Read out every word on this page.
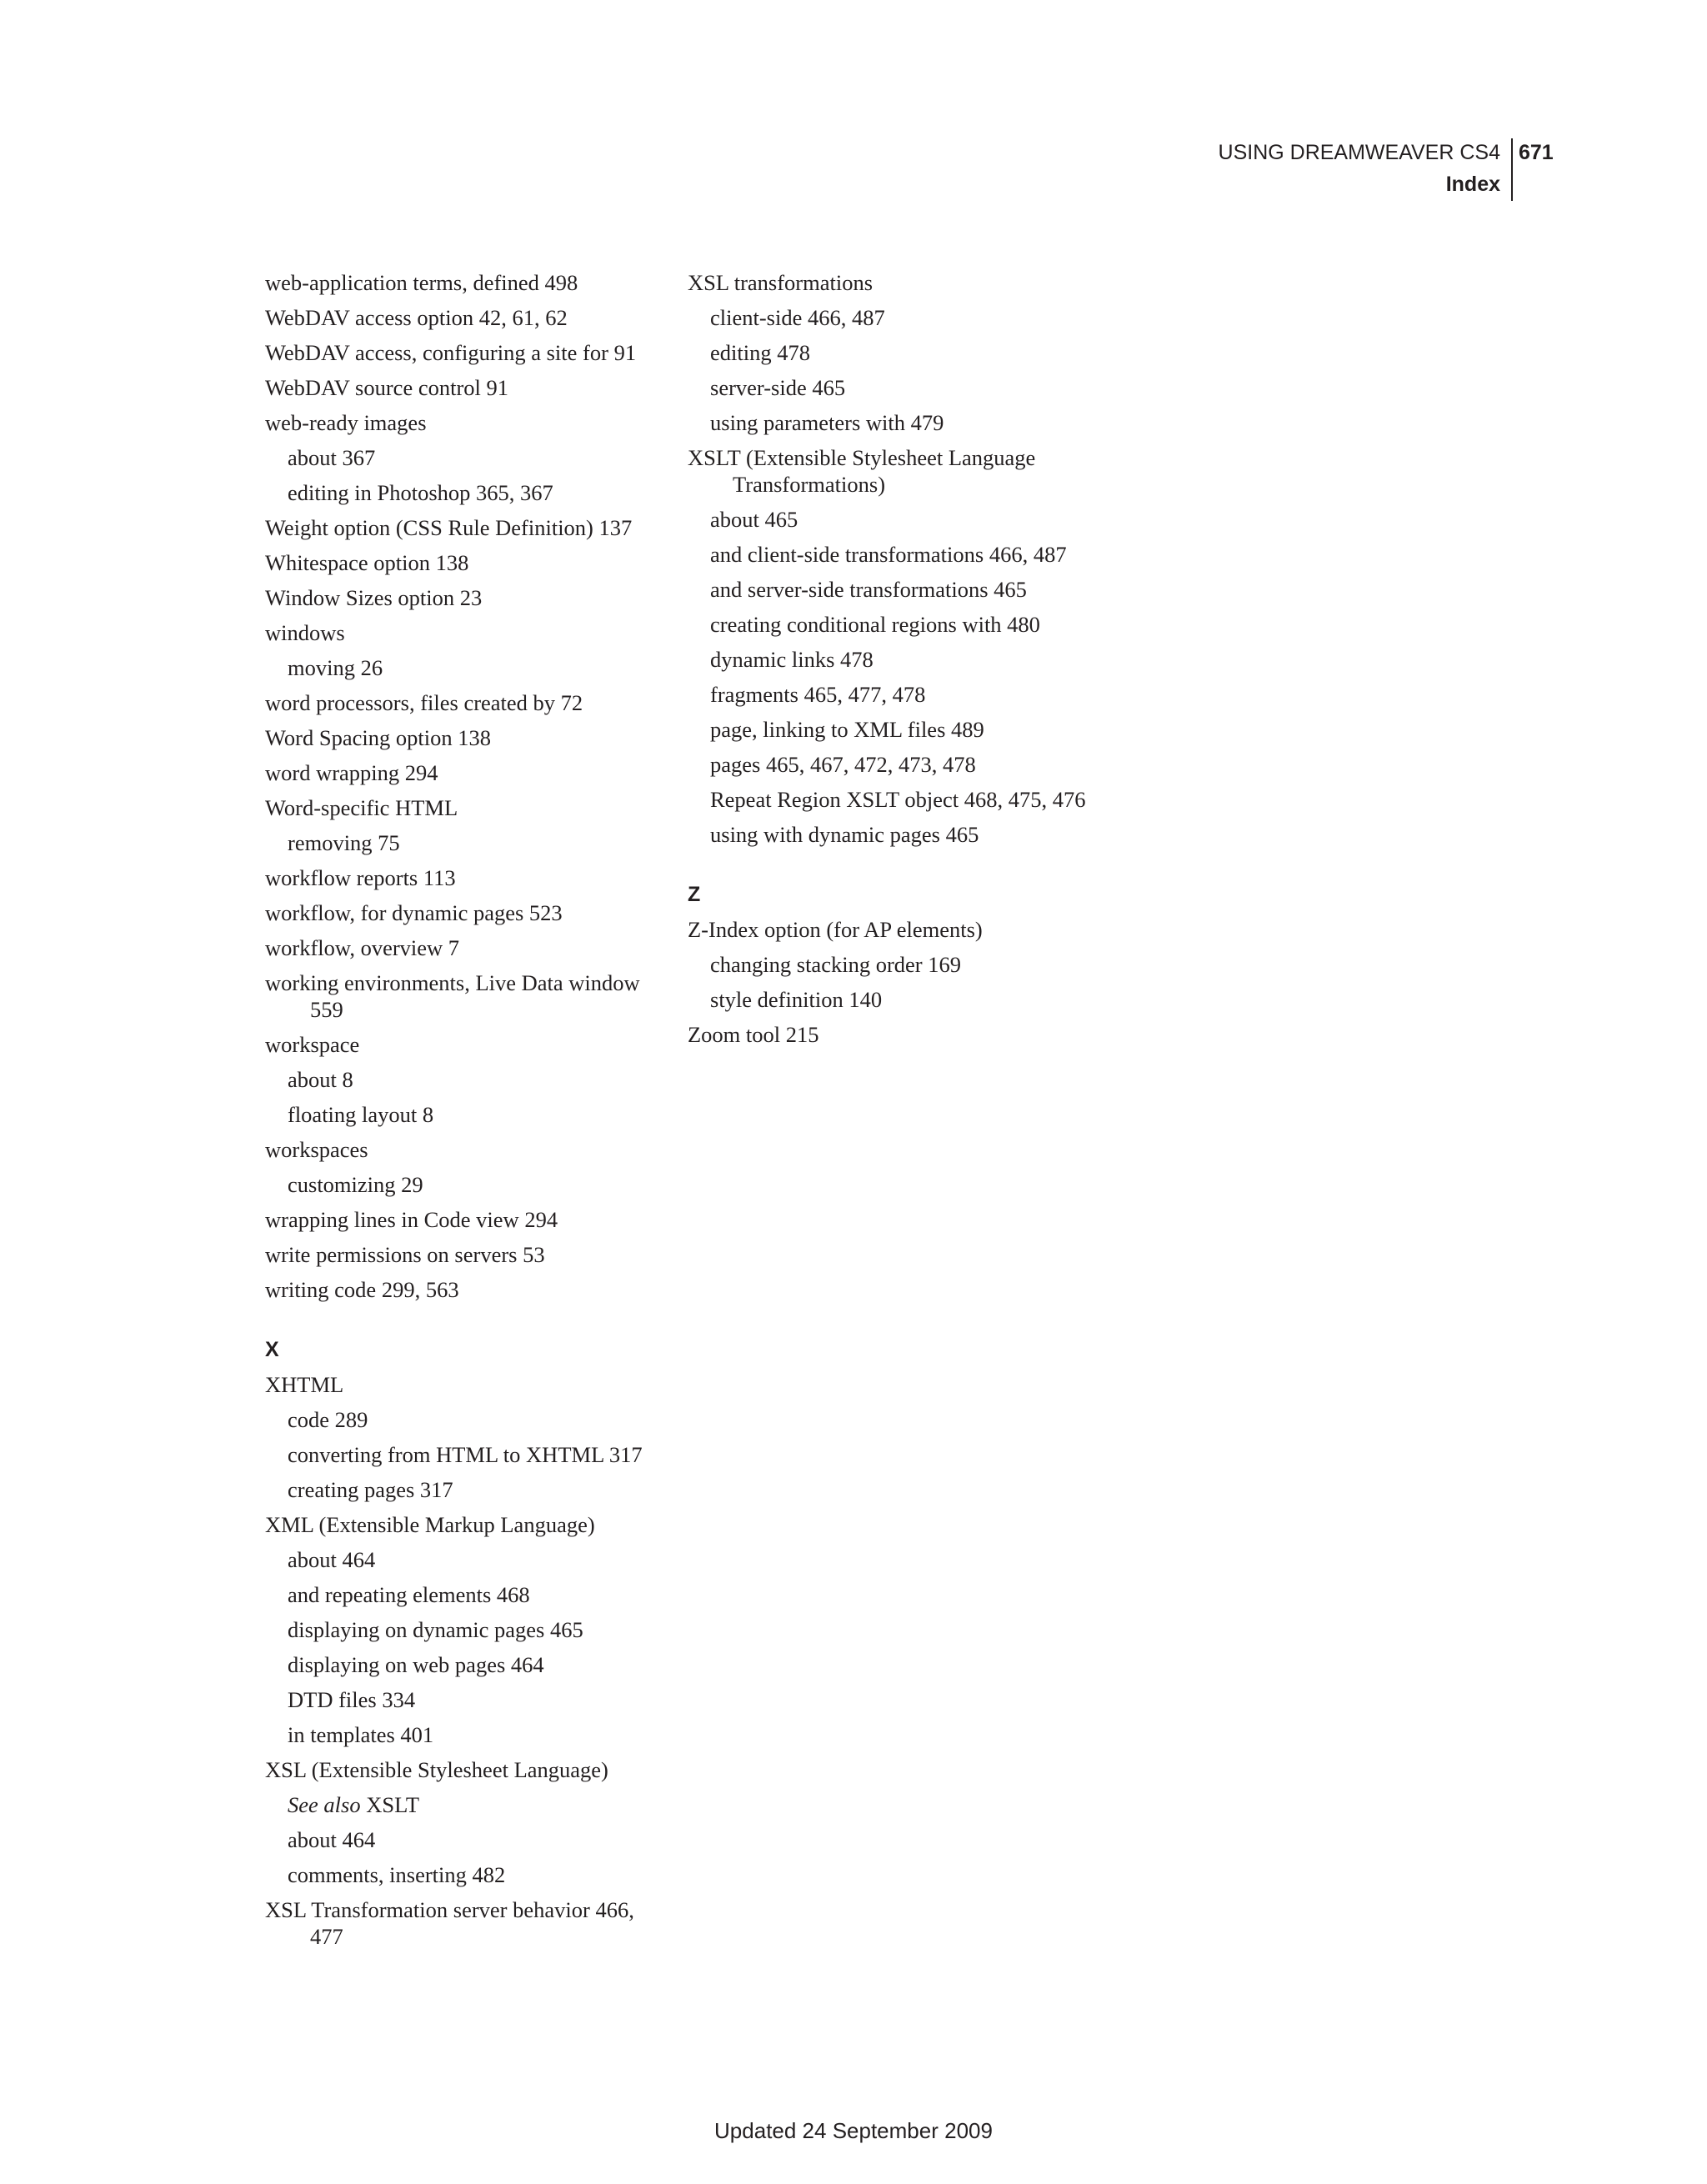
USING DREAMWEAVER CS4
Index
671
web-application terms, defined 498
WebDAV access option 42, 61, 62
WebDAV access, configuring a site for 91
WebDAV source control 91
web-ready images
about 367
editing in Photoshop 365, 367
Weight option (CSS Rule Definition) 137
Whitespace option 138
Window Sizes option 23
windows
moving 26
word processors, files created by 72
Word Spacing option 138
word wrapping 294
Word-specific HTML
removing 75
workflow reports 113
workflow, for dynamic pages 523
workflow, overview 7
working environments, Live Data window 559
workspace
about 8
floating layout 8
workspaces
customizing 29
wrapping lines in Code view 294
write permissions on servers 53
writing code 299, 563
X
XHTML
code 289
converting from HTML to XHTML 317
creating pages 317
XML (Extensible Markup Language)
about 464
and repeating elements 468
displaying on dynamic pages 465
displaying on web pages 464
DTD files 334
in templates 401
XSL (Extensible Stylesheet Language)
See also XSLT
about 464
comments, inserting 482
XSL Transformation server behavior 466, 477
XSL transformations
client-side 466, 487
editing 478
server-side 465
using parameters with 479
XSLT (Extensible Stylesheet Language Transformations)
about 465
and client-side transformations 466, 487
and server-side transformations 465
creating conditional regions with 480
dynamic links 478
fragments 465, 477, 478
page, linking to XML files 489
pages 465, 467, 472, 473, 478
Repeat Region XSLT object 468, 475, 476
using with dynamic pages 465
Z
Z-Index option (for AP elements)
changing stacking order 169
style definition 140
Zoom tool 215
Updated 24 September 2009
